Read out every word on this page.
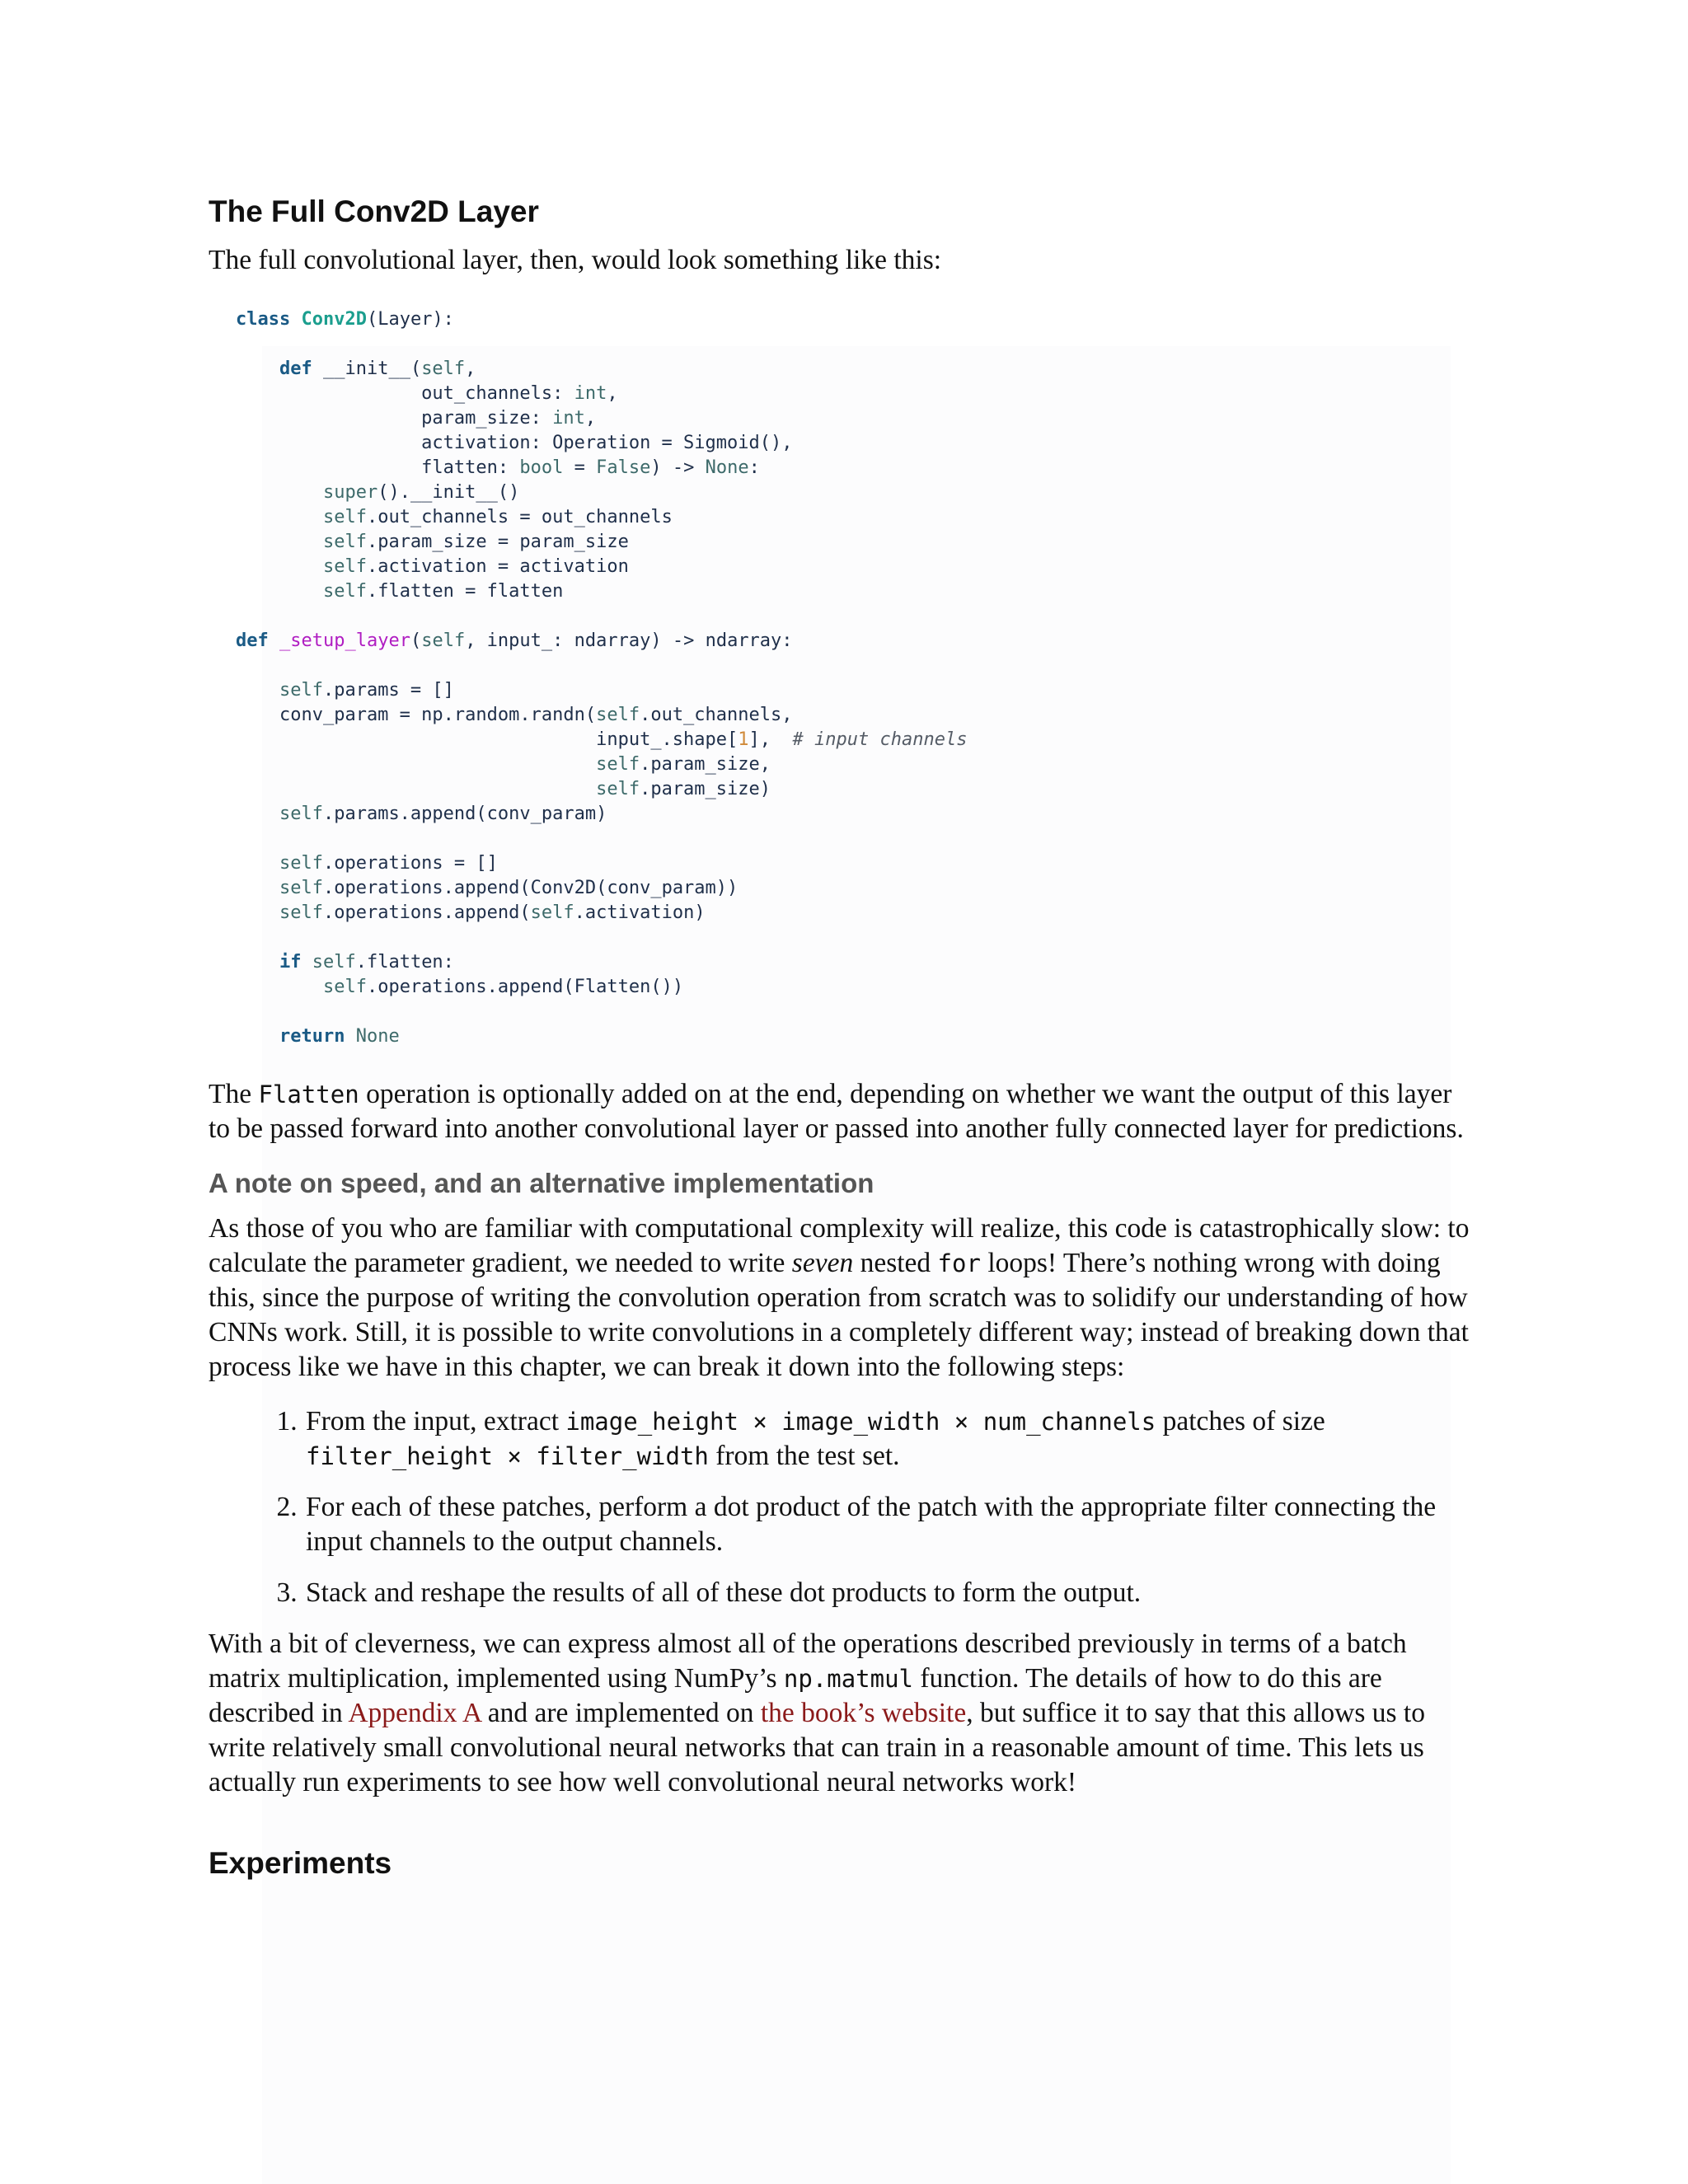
The Full Conv2D Layer

The full convolutional layer, then, would look something like this:

class Conv2D(Layer):
def __init__(self,
out_channels: int,
param_size: int,
activation: Operation = Sigmoid(),
flatten: bool = False) -> None:
super().__init__()
self.out_channels = out_channels
self.param_size = param_size
self.activation = activation
self.flatten = flatten
def _setup_layer(self, input_: ndarray) -> ndarray:
self.params = []
conv_param = np.random.randn(self.out_channels,
input_.shape[1],  # input channels
self.param_size,
self.param_size)
self.params.append(conv_param)
self.operations = []
self.operations.append(Conv2D(conv_param))
self.operations.append(self.activation)
if self.flatten:
self.operations.append(Flatten())
return None

The Flatten operation is optionally added on at the end, depending on whether we want the output of this layer to be passed forward into another convolutional layer or passed into another fully connected layer for predictions.

A note on speed, and an alternative implementation

As those of you who are familiar with computational complexity will realize, this code is catastrophically slow: to calculate the parameter gradient, we needed to write seven nested for loops! There’s nothing wrong with doing this, since the purpose of writing the convolution operation from scratch was to solidify our understanding of how CNNs work. Still, it is possible to write convolutions in a completely different way; instead of breaking down that process like we have in this chapter, we can break it down into the following steps:

1. From the input, extract image_height × image_width × num_channels patches of size filter_height × filter_width from the test set.
2. For each of these patches, perform a dot product of the patch with the appropriate filter connecting the input channels to the output channels.
3. Stack and reshape the results of all of these dot products to form the output.

With a bit of cleverness, we can express almost all of the operations described previously in terms of a batch matrix multiplication, implemented using NumPy’s np.matmul function. The details of how to do this are described in Appendix A and are implemented on the book’s website, but suffice it to say that this allows us to write relatively small convolutional neural networks that can train in a reasonable amount of time. This lets us actually run experiments to see how well convolutional neural networks work!

Experiments
